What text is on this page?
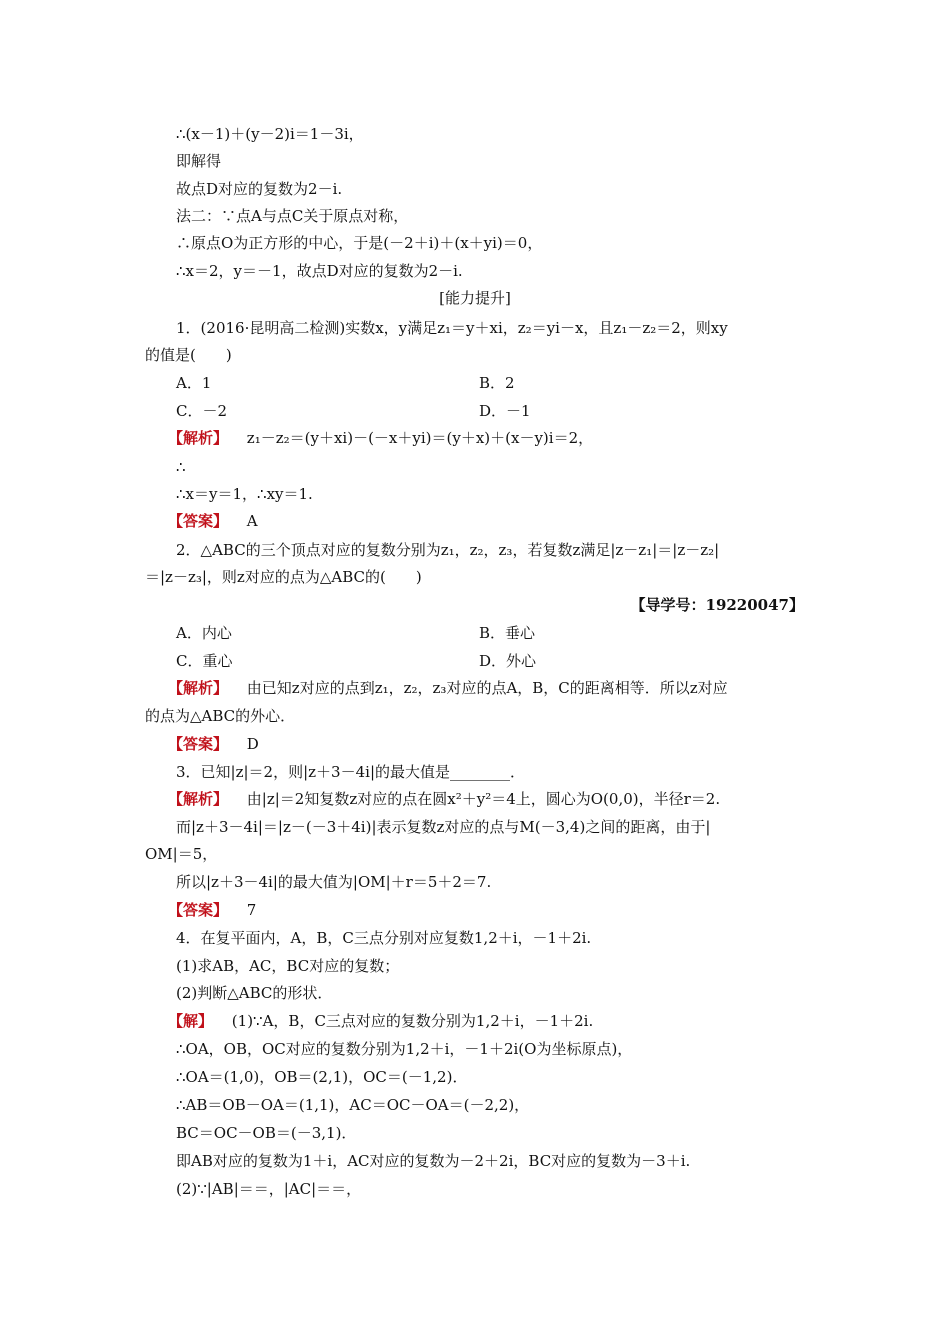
∴(x－1)＋(y－2)i＝1－3i，
即解得
故点D对应的复数为2－i.
法二：∵点A与点C关于原点对称，
∴原点O为正方形的中心，于是(－2＋i)＋(x＋yi)＝0，
∴x＝2，y＝－1，故点D对应的复数为2－i.
[能力提升]
1．(2016·昆明高二检测)实数x，y满足z₁＝y＋xi，z₂＝yi－x，且z₁－z₂＝2，则xy
的值是(　　)
A．1	B．2
C．－2	D．－1
【解析】 z₁－z₂＝(y＋xi)－(－x＋yi)＝(y＋x)＋(x－y)i＝2，
∴
∴x＝y＝1，∴xy＝1.
【答案】 A
2．△ABC的三个顶点对应的复数分别为z₁，z₂，z₃，若复数z满足|z－z₁|＝|z－z₂|
＝|z－z₃|，则z对应的点为△ABC的(　　)
【导学号：19220047】
A．内心	B．垂心
C．重心	D．外心
【解析】 由已知z对应的点到z₁，z₂，z₃对应的点A，B，C的距离相等．所以z对应
的点为△ABC的外心．
【答案】 D
3．已知|z|＝2，则|z＋3－4i|的最大值是________．
【解析】 由|z|＝2知复数z对应的点在圆x²＋y²＝4上，圆心为O(0,0)，半径r＝2.
而|z＋3－4i|＝|z－(－3＋4i)|表示复数z对应的点与M(－3,4)之间的距离，由于|
OM|＝5，
所以|z＋3－4i|的最大值为|OM|＋r＝5＋2＝7.
【答案】 7
4．在复平面内，A，B，C三点分别对应复数1,2＋i，－1＋2i.
(1)求AB，AC，BC对应的复数；
(2)判断△ABC的形状．
【解】 (1)∵A，B，C三点对应的复数分别为1,2＋i，－1＋2i.
∴OA，OB，OC对应的复数分别为1,2＋i，－1＋2i(O为坐标原点)，
∴OA＝(1,0)，OB＝(2,1)，OC＝(－1,2)．
∴AB＝OB－OA＝(1,1)，AC＝OC－OA＝(－2,2)，
BC＝OC－OB＝(－3,1)．
即AB对应的复数为1＋i，AC对应的复数为－2＋2i，BC对应的复数为－3＋i.
(2)∵|AB|＝＝，|AC|＝＝，
